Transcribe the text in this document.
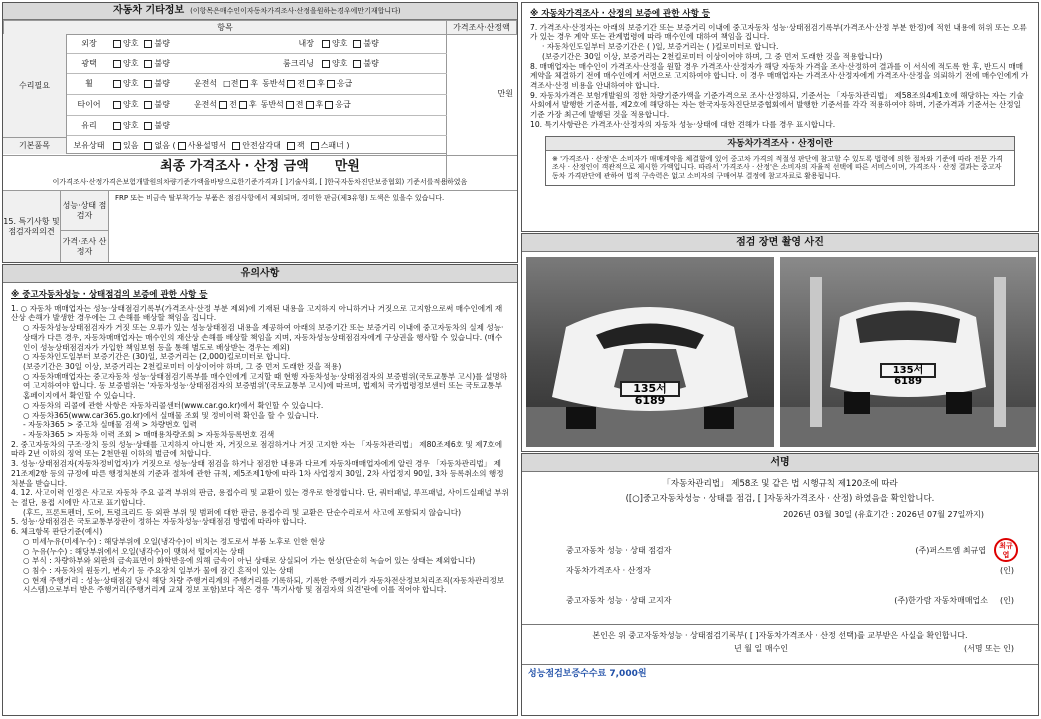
자동차 기타정보 (이항목은매수인이자동차가격조사·산정을원하는경우에만기재합니다)
항목	가격조사·산정액
수리필요
외장	양호 불량	내장	양호 불량
광택	양호 불량	룸크리닝	양호 불량
휠	양호 불량	운전석 □ 전 후 동반석 전 후 응급
타이어	양호 불량	운전석 전 후 동반석 전 후 응급
유리	양호 불량
기본품목	보유상태	있음 없음 ( 사용설명서 안전삼각대 잭 스패너 )
만원
최종 가격조사 · 산정 금액 만원
이가격조사·산정가격은보험개발원의차량기준가액을바탕으로한기준가격과 [ ]기술사회, [ ]한국자동차진단보증협회) 기준서를적용하였음
15. 특기사항 및 점검자의의견
성능·상태 점검자
FRP 또는 비금속 탈부착가능 부품은 점검사항에서 제외되며, 경미한 판금(제3유형) 도색은 있을수 있습니다.
가격·조사 산정자
유의사항
※ 중고자동차성능 · 상태점검의 보증에 관한 사항 등
1. ○ 자동차 매매업자는 성능·상태점검기록부(가격조사·산정 부분 제외)에 기재된 내용을 고지하지 아니하거나 거짓으로 고지함으로써 매수인에게 재산상 손해가 발생한 경우에는 그 손해를 배상할 책임을 집니다.
○ 자동차성능상태점검자가 거짓 또는 오류가 있는 성능상태점검 내용을 제공하여 아래의 보증기간 또는 보증거리 이내에 중고자동차의 실제 성능·상태가 다른 경우, 자동차매매업자는 매수인의 재산상 손해를 배상할 책임을 지며, 자동차성능상태점검자에게 구상권을 행사할 수 있습니다. (매수인이 성능상태점검자가 가입한 책임보험 등을 통해 별도로 배상받는 경우는 제외)
○ 자동차인도일부터 보증기간은 (30)일, 보증거리는 (2,000)킬로미터로 합니다.
(보증기간은 30일 이상, 보증거리는 2천킬로미터 이상이어야 하며, 그 중 먼저 도래한 것을 적용)
○ 자동차매매업자는 중고자동차 성능·상태점검기록부를 매수인에게 고지할 때 현행 자동차성능·상태점검자의 보증범위(국토교통부 고시)를 설명하여 고지하여야 합니다. 동 보증범위는 '자동차성능·상태점검자의 보증범위'(국토교통부 고시)에 따르며, 법제처 국가법령정보센터 또는 국토교통부 홈페이지에서 확인할 수 있습니다.
○ 자동차의 리콜에 관한 사항은 자동차리콜센터(www.car.go.kr)에서 확인할 수 있습니다.
○ 자동차365(www.car365.go.kr)에서 실매물 조회 및 정비이력 확인을 할 수 있습니다.
- 자동차365 > 중고차 실매물 검색 > 차량번호 입력
- 자동차365 > 자동차 이력 조회 > 매매용차량조회 > 자동차등록번호 검색
2. 중고자동차의 구조·장치 등의 성능·상태를 고지하지 아니한 자, 거짓으로 점검하거나 거짓 고지한 자는 「자동차관리법」 제80조제6호 및 제7호에 따라 2년 이하의 징역 또는 2천만원 이하의 벌금에 처합니다.
3. 성능·상태점검자(자동차정비업자)가 거짓으로 성능·상태 점검을 하거나 점검한 내용과 다르게 자동차매매업자에게 알린 경우 「자동차관리법」 제21조제2항 등의 규정에 따른 행정처분의 기준과 절차에 관한 규칙, 제5조제1항에 따라 1차 사업정지 30일, 2차 사업정지 90일, 3차 등록취소의 행정처분을 받습니다.
4. 12. 사고이력 인정은 사고로 자동차 주요 골격 부위의 판금, 용접수리 및 교환이 있는 경우로 한정합니다. 단, 쿼터패널, 루프패널, 사이드실패널 부위는 절단, 용접 시에만 사고로 표기합니다.
(후드, 프론트펜더, 도어, 트렁크리드 등 외판 부위 및 범퍼에 대한 판금, 용접수리 및 교환은 단순수리로서 사고에 포함되지 않습니다)
5. 성능·상태점검은 국토교통부장관이 정하는 자동차성능·상태점검 방법에 따라야 합니다.
6. 체크항목 판단기준(예시)
○ 미세누유(미세누수) : 해당부위에 오일(냉각수)이 비치는 정도로서 부품 노후로 인한 현상
○ 누유(누수) : 해당부위에서 오일(냉각수)이 맺혀서 떨어지는 상태
○ 부식 : 차량하부와 외판의 금속표면이 화학반응에 의해 금속이 아닌 상태로 상실되어 가는 현상(단순히 녹슬어 있는 상태는 제외합니다)
○ 침수 : 자동차의 원동기, 변속기 등 주요장치 일부가 물에 잠긴 흔적이 있는 상태
○ 현재 주행거리 : 성능·상태점검 당시 해당 차량 주행거리계의 주행거리를 기록하되, 기록한 주행거리가 자동차전산정보처리조직(자동차관리정보시스템)으로부터 받은 주행거리(주행거리계 교체 정보 포함)보다 적은 경우 '특기사항 및 점검자의 의견'란에 이를 적어야 합니다.
※ 자동차가격조사 · 산정의 보증에 관한 사항 등
7. 가격조사·산정자는 아래의 보증기간 또는 보증거리 이내에 중고자동차 성능·상태점검기록부(가격조사·산정 부분 한정)에 적힌 내용에 허위 또는 오류가 있는 경우 계약 또는 관계법령에 따라 매수인에 대하여 책임을 집니다.
· 자동차인도일부터 보증기간은 ( )일, 보증거리는 ( )킬로미터로 합니다.
(보증기간은 30일 이상, 보증거리는 2천킬로미터 이상이어야 하며, 그 중 먼저 도래한 것을 적용합니다)
8. 매매업자는 매수인이 가격조사·산정을 원할 경우 가격조사·산정자가 해당 자동차 가격을 조사·산정하여 결과를 이 서식에 적도록 한 후, 반드시 매매계약을 체결하기 전에 매수인에게 서면으로 고지하여야 합니다. 이 경우 매매업자는 가격조사·산정자에게 가격조사·산정을 의뢰하기 전에 매수인에게 가격조사·산정 비용을 안내하여야 합니다.
9. 자동차가격은 보험개발원의 정한 차량기준가액을 기준가격으로 조사·산정하되, 기준서는 「자동차관리법」 제58조의4제1호에 해당하는 자는 기술사회에서 발행한 기준서를, 제2호에 해당하는 자는 한국자동차진단보증협회에서 발행한 기준서를 각각 적용하여야 하며, 기준가격과 기준서는 산정일 기준 가장 최근에 발행된 것을 적용합니다.
10. 특기사항란은 가격조사·산정자의 자동차 성능·상태에 대한 견해가 다를 경우 표시합니다.
자동차가격조사 · 산정이란
※ '가격조사 · 산정'은 소비자가 매매계약을 체결함에 있어 중고차 가격의 적절성 판단에 참고할 수 있도록 법령에 의한 절차와 기준에 따라 전문 가격조사 · 산정인이 객관적으로 제시한 가액입니다. 따라서 '가격조사 · 산정'은 소비자의 자율적 선택에 따른 서비스이며, 가격조사 · 산정 결과는 중고자동차 가격판단에 관하여 법적 구속력은 없고 소비자의 구매여부 결정에 참고자료로 활용됩니다.
점검 장면 촬영 사진
135서 6189
135서 6189
서명
「자동차관리법」 제58조 및 같은 법 시행규칙 제120조에 따라
([○]중고자동차성능 · 상태를 점검, [ ]자동차가격조사 · 산정) 하였음을 확인합니다.
2026년 03월 30일 (유효기간 : 2026년 07월 27일까지)
중고자동차 성능 · 상태 점검자	(주)퍼스트엠 최규엽	최규엽
자동차가격조사 · 산정자	(인)
중고자동차 성능 · 상태 고지자	(주)한가람 자동차매매업소 (인)
본인은 위 중고자동차성능 · 상태점검기록부( [ ]자동차가격조사 · 산정 선택)를 교부받은 사실을 확인합니다.
년 월 일 매수인	(서명 또는 인)
성능점검보증수수료 7,000원
